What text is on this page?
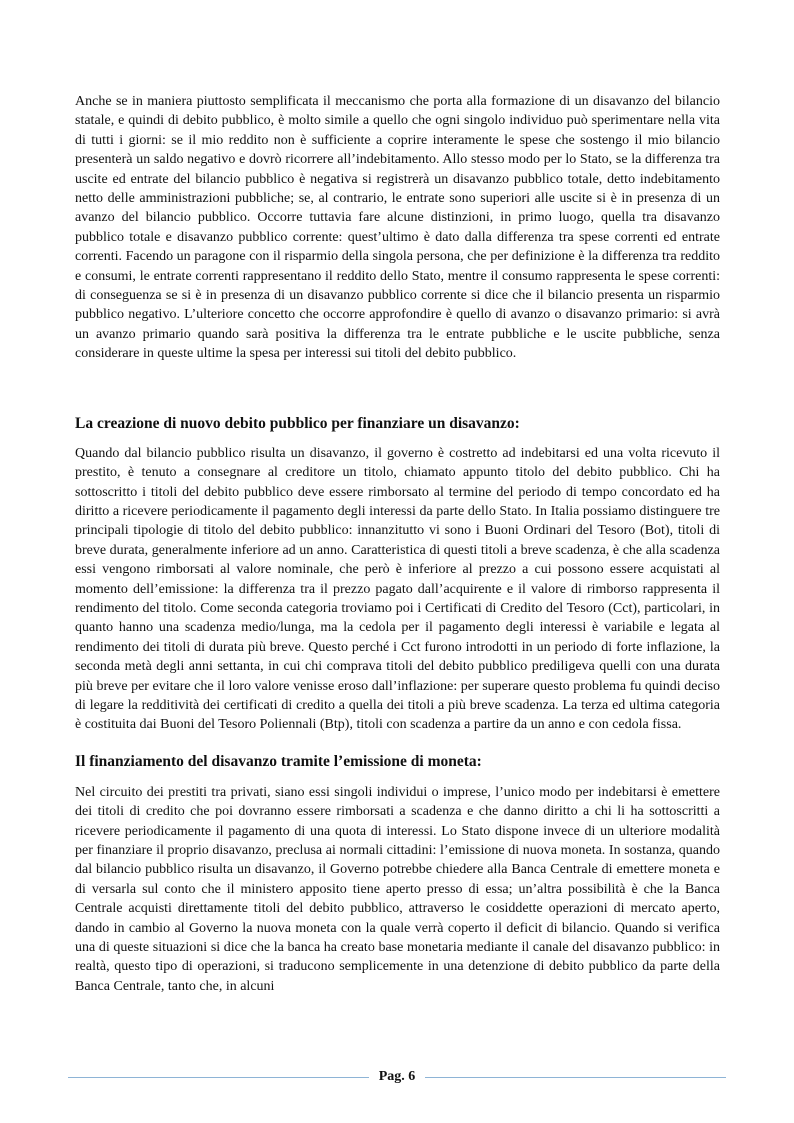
Anche se in maniera piuttosto semplificata il meccanismo che porta alla formazione di un disavanzo del bilancio statale, e quindi di debito pubblico, è molto simile a quello che ogni singolo individuo può sperimentare nella vita di tutti i giorni: se il mio reddito non è sufficiente a coprire interamente le spese che sostengo il mio bilancio presenterà un saldo negativo e dovrò ricorrere all’indebitamento. Allo stesso modo per lo Stato, se la differenza tra uscite ed entrate del bilancio pubblico è negativa si registrerà un disavanzo pubblico totale, detto indebitamento netto delle amministrazioni pubbliche; se, al contrario, le entrate sono superiori alle uscite si è in presenza di un avanzo del bilancio pubblico. Occorre tuttavia fare alcune distinzioni, in primo luogo, quella tra disavanzo pubblico totale e disavanzo pubblico corrente: quest’ultimo è dato dalla differenza tra spese correnti ed entrate correnti. Facendo un paragone con il risparmio della singola persona, che per definizione è la differenza tra reddito e consumi, le entrate correnti rappresentano il reddito dello Stato, mentre il consumo rappresenta le spese correnti: di conseguenza se si è in presenza di un disavanzo pubblico corrente si dice che il bilancio presenta un risparmio pubblico negativo. L’ulteriore concetto che occorre approfondire è quello di avanzo o disavanzo primario: si avrà un avanzo primario quando sarà positiva la differenza tra le entrate pubbliche e le uscite pubbliche, senza considerare in queste ultime la spesa per interessi sui titoli del debito pubblico.

La creazione di nuovo debito pubblico per finanziare un disavanzo:

Quando dal bilancio pubblico risulta un disavanzo, il governo è costretto ad indebitarsi ed una volta ricevuto il prestito, è tenuto a consegnare al creditore un titolo, chiamato appunto titolo del debito pubblico. Chi ha sottoscritto i titoli del debito pubblico deve essere rimborsato al termine del periodo di tempo concordato ed ha diritto a ricevere periodicamente il pagamento degli interessi da parte dello Stato. In Italia possiamo distinguere tre principali tipologie di titolo del debito pubblico: innanzitutto vi sono i Buoni Ordinari del Tesoro (Bot), titoli di breve durata, generalmente inferiore ad un anno. Caratteristica di questi titoli a breve scadenza, è che alla scadenza essi vengono rimborsati al valore nominale, che però è inferiore al prezzo a cui possono essere acquistati al momento dell’emissione: la differenza tra il prezzo pagato dall’acquirente e il valore di rimborso rappresenta il rendimento del titolo. Come seconda categoria troviamo poi i Certificati di Credito del Tesoro (Cct), particolari, in quanto hanno una scadenza medio/lunga, ma la cedola per il pagamento degli interessi è variabile e legata al rendimento dei titoli di durata più breve. Questo perché i Cct furono introdotti in un periodo di forte inflazione, la seconda metà degli anni settanta, in cui chi comprava titoli del debito pubblico prediligeva quelli con una durata più breve per evitare che il loro valore venisse eroso dall’inflazione: per superare questo problema fu quindi deciso di legare la redditività dei certificati di credito a quella dei titoli a più breve scadenza. La terza ed ultima categoria è costituita dai Buoni del Tesoro Poliennali (Btp), titoli con scadenza a partire da un anno e con cedola fissa.

Il finanziamento del disavanzo tramite l’emissione di moneta:

Nel circuito dei prestiti tra privati, siano essi singoli individui o imprese, l’unico modo per indebitarsi è emettere dei titoli di credito che poi dovranno essere rimborsati a scadenza e che danno diritto a chi li ha sottoscritti a ricevere periodicamente il pagamento di una quota di interessi. Lo Stato dispone invece di un ulteriore modalità per finanziare il proprio disavanzo, preclusa ai normali cittadini: l’emissione di nuova moneta. In sostanza, quando dal bilancio pubblico risulta un disavanzo, il Governo potrebbe chiedere alla Banca Centrale di emettere moneta e di versarla sul conto che il ministero apposito tiene aperto presso di essa; un’altra possibilità è che la Banca Centrale acquisti direttamente titoli del debito pubblico, attraverso le cosiddette operazioni di mercato aperto, dando in cambio al Governo la nuova moneta con la quale verrà coperto il deficit di bilancio. Quando si verifica una di queste situazioni si dice che la banca ha creato base monetaria mediante il canale del disavanzo pubblico: in realtà, questo tipo di operazioni, si traducono semplicemente in una detenzione di debito pubblico da parte della Banca Centrale, tanto che, in alcuni

Pag. 6
